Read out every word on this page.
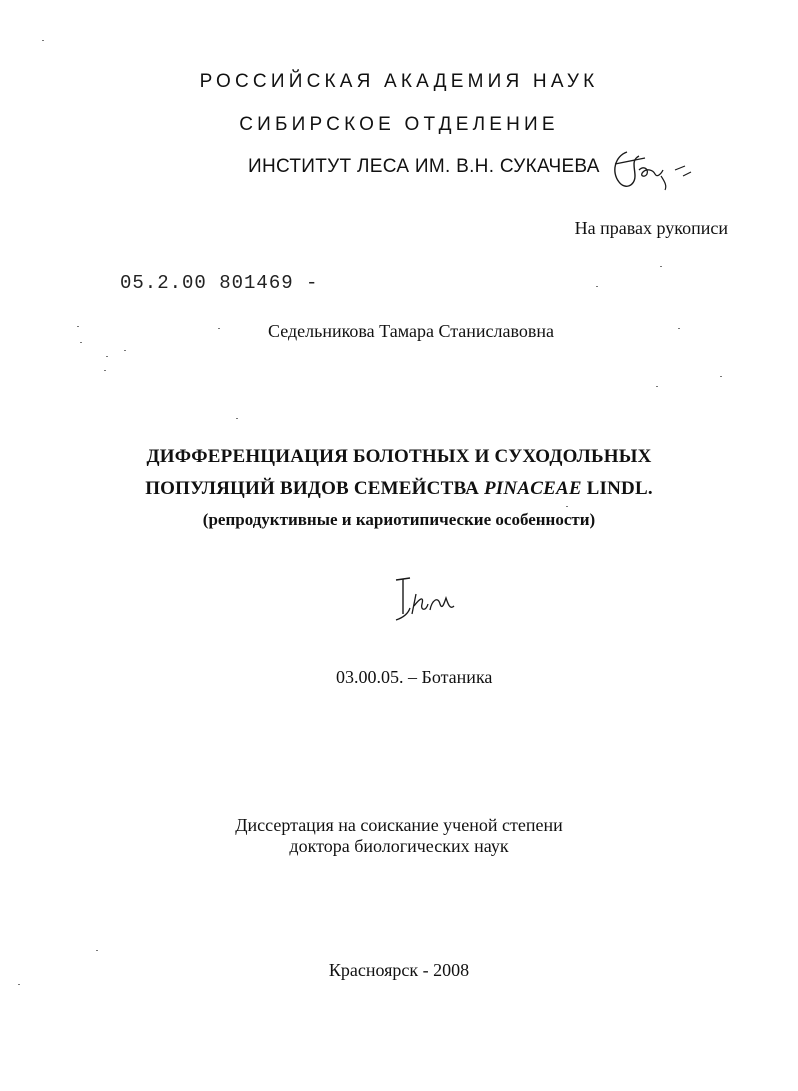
РОССИЙСКАЯ АКАДЕМИЯ НАУК
СИБИРСКОЕ ОТДЕЛЕНИЕ
ИНСТИТУТ ЛЕСА ИМ. В.Н. СУКАЧЕВА
На правах рукописи
05.2.00 801469 -
Седельникова Тамара Станиславовна
ДИФФЕРЕНЦИАЦИЯ БОЛОТНЫХ И СУХОДОЛЬНЫХ
ПОПУЛЯЦИЙ ВИДОВ СЕМЕЙСТВА PINACEAE LINDL.
(репродуктивные и кариотипические особенности)
03.00.05. – Ботаника
Диссертация на соискание ученой степени
доктора биологических наук
Красноярск - 2008
